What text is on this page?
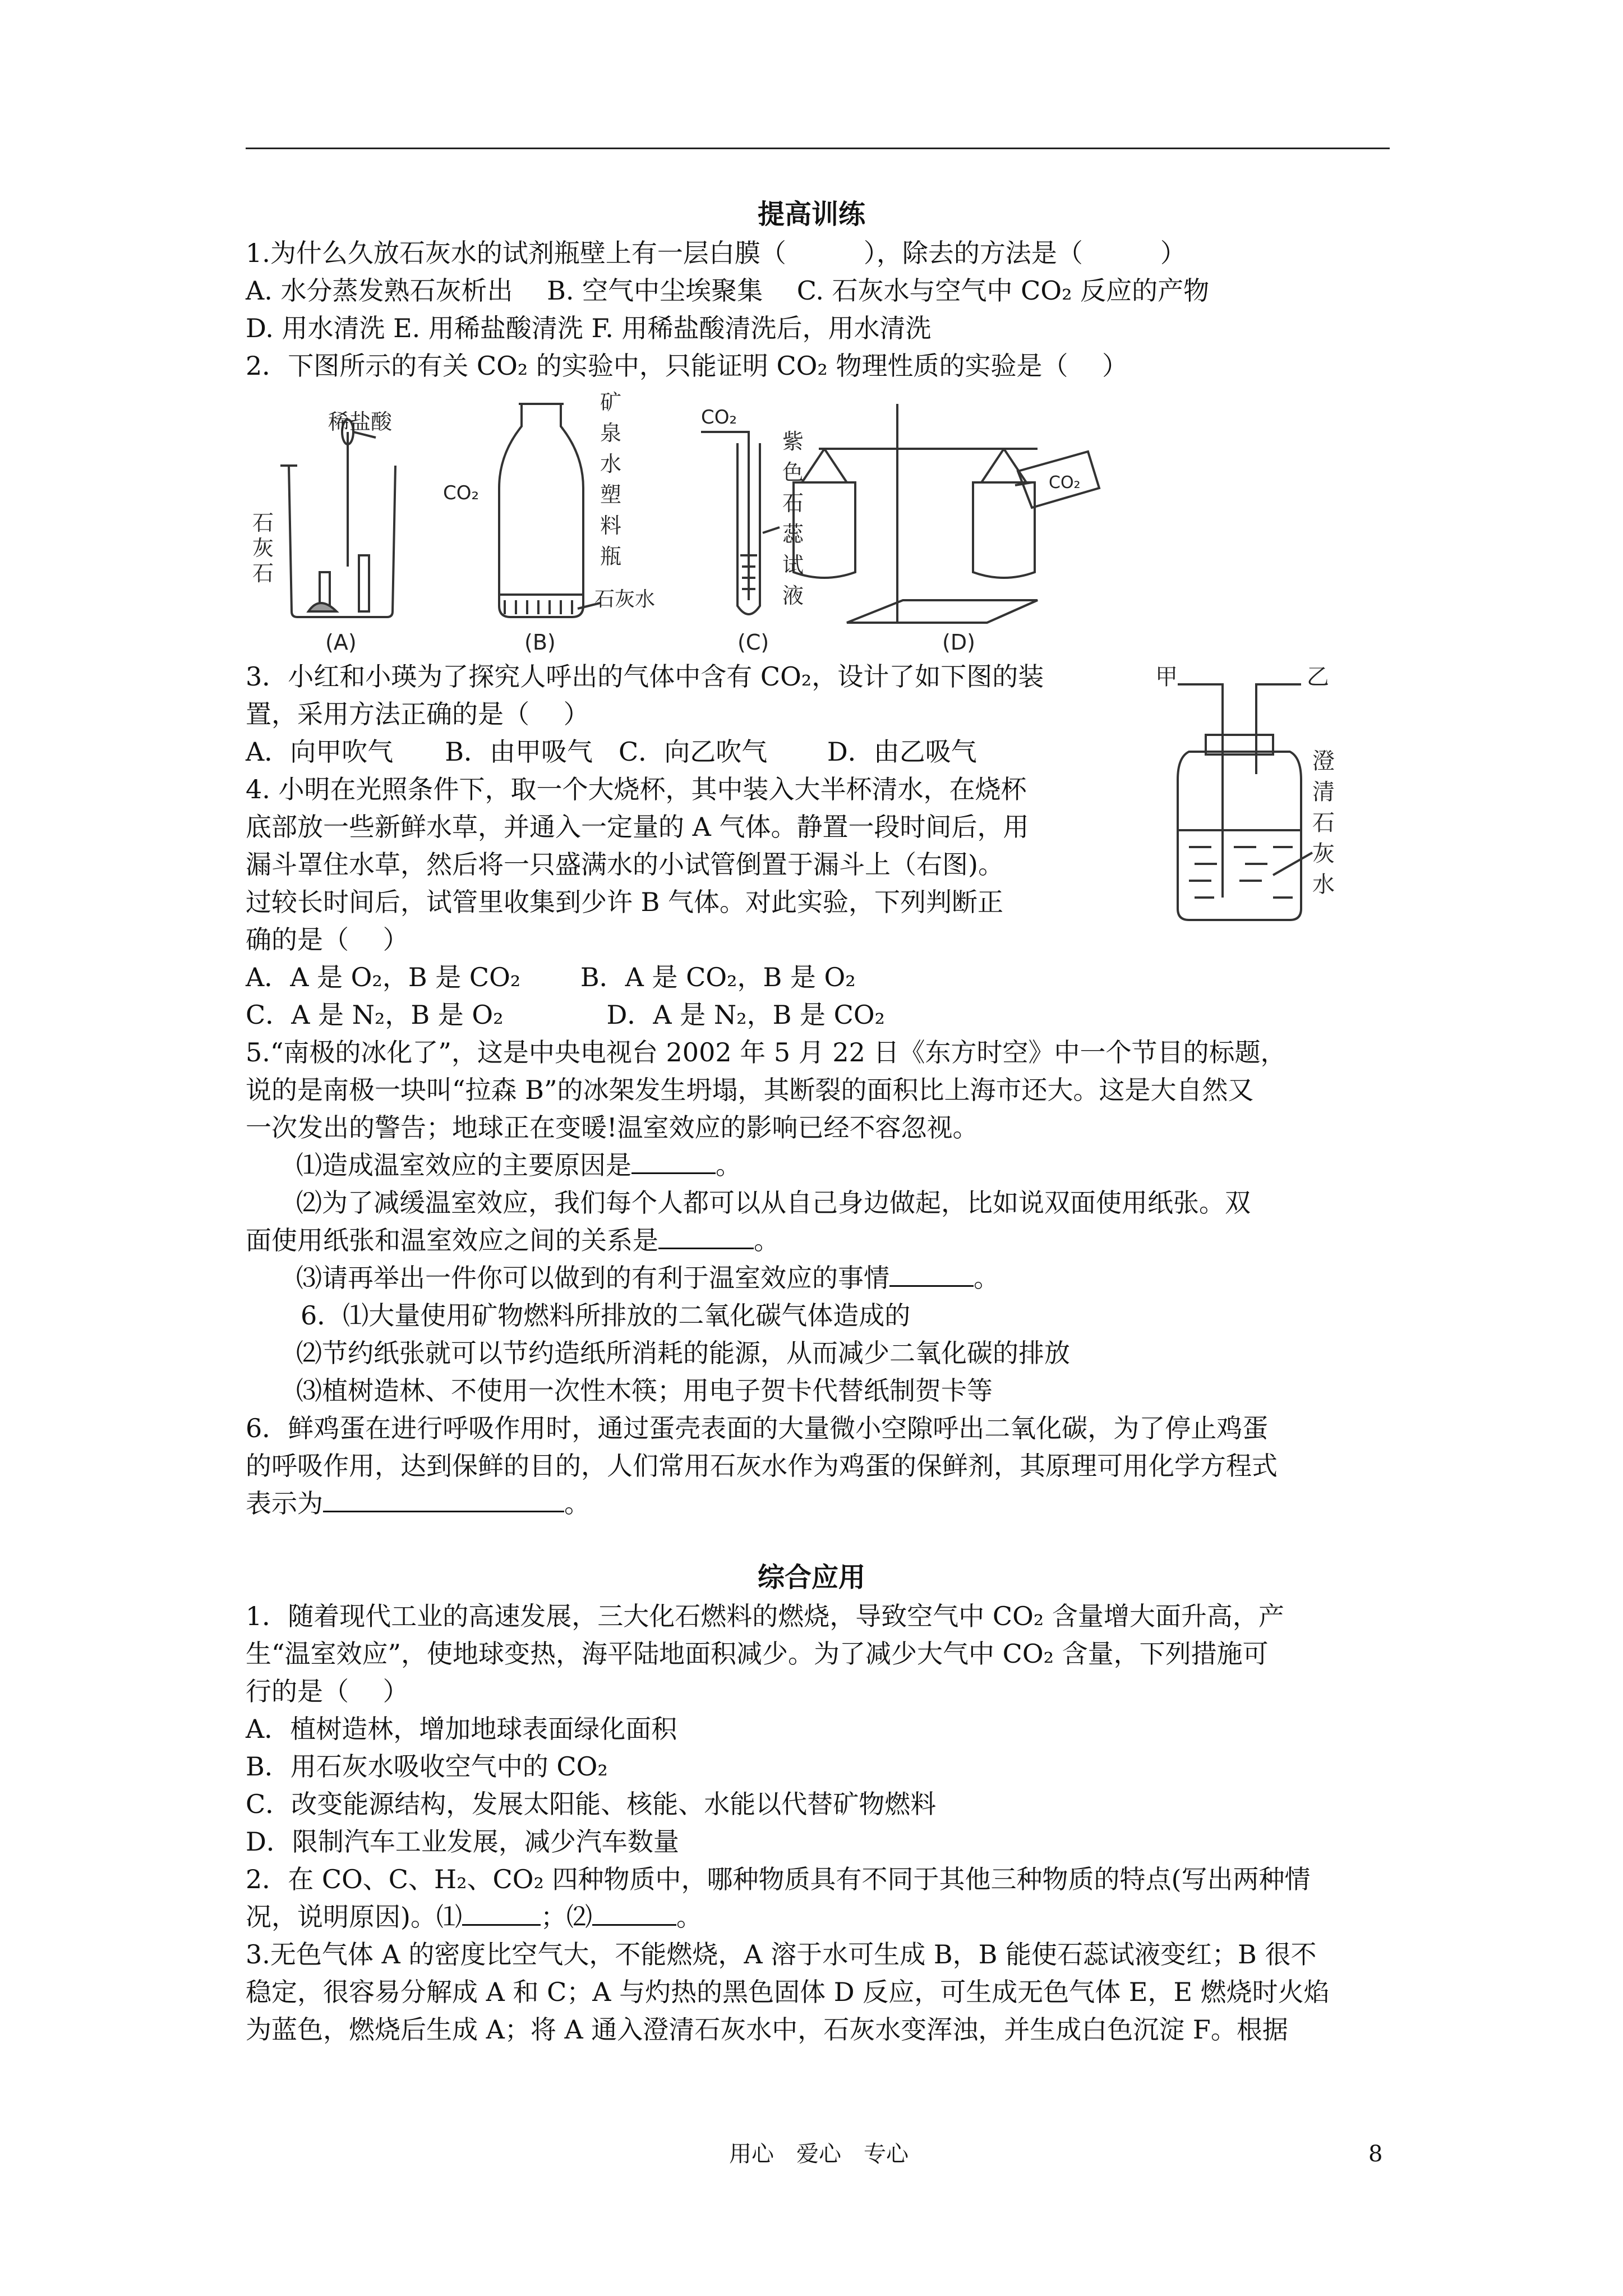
提高训练
1.为什么久放石灰水的试剂瓶壁上有一层白膜（　　　），除去的方法是（　　　）
A. 水分蒸发熟石灰析出　 B. 空气中尘埃聚集　 C. 石灰水与空气中 CO₂ 反应的产物
D. 用水清洗 E. 用稀盐酸清洗 F. 用稀盐酸清洗后，用水清洗
2．下图所示的有关 CO₂ 的实验中，只能证明 CO₂ 物理性质的实验是（　 ）
稀盐酸
石
灰
石
CO₂
矿
泉
水
塑
料
瓶
石灰水
CO₂
紫
色
石
蕊
试
液
CO₂
(A)	(B)	(C)	(D)
3．小红和小瑛为了探究人呼出的气体中含有 CO₂，设计了如下图的装
置，采用方法正确的是（　 ）
A．向甲吹气　　B．由甲吸气　C．向乙吹气　　 D．由乙吸气
甲	乙
澄
清
石
灰
水
4. 小明在光照条件下，取一个大烧杯，其中装入大半杯清水，在烧杯
底部放一些新鲜水草，并通入一定量的 A 气体。静置一段时间后，用
漏斗罩住水草，然后将一只盛满水的小试管倒置于漏斗上（右图)。
过较长时间后，试管里收集到少许 B 气体。对此实验，下列判断正
确的是（　 ）
A．A 是 O₂，B 是 CO₂　　 B．A 是 CO₂，B 是 O₂
C．A 是 N₂，B 是 O₂　　　　D．A 是 N₂，B 是 CO₂
5.“南极的冰化了”，这是中央电视台 2002 年 5 月 22 日《东方时空》中一个节目的标题，
说的是南极一块叫“拉森 B”的冰架发生坍塌，其断裂的面积比上海市还大。这是大自然又
一次发出的警告；地球正在变暖!温室效应的影响已经不容忽视。
⑴造成温室效应的主要原因是	。
⑵为了减缓温室效应，我们每个人都可以从自己身边做起，比如说双面使用纸张。双
面使用纸张和温室效应之间的关系是	。
⑶请再举出一件你可以做到的有利于温室效应的事情	。
6．⑴大量使用矿物燃料所排放的二氧化碳气体造成的
⑵节约纸张就可以节约造纸所消耗的能源，从而减少二氧化碳的排放
⑶植树造林、不使用一次性木筷；用电子贺卡代替纸制贺卡等
6．鲜鸡蛋在进行呼吸作用时，通过蛋壳表面的大量微小空隙呼出二氧化碳，为了停止鸡蛋
的呼吸作用，达到保鲜的目的，人们常用石灰水作为鸡蛋的保鲜剂，其原理可用化学方程式
表示为	。
综合应用
1．随着现代工业的高速发展，三大化石燃料的燃烧，导致空气中 CO₂ 含量增大面升高，产
生“温室效应”，使地球变热，海平陆地面积减少。为了减少大气中 CO₂ 含量，下列措施可
行的是（　 ）
A．植树造林，增加地球表面绿化面积
B．用石灰水吸收空气中的 CO₂
C．改变能源结构，发展太阳能、核能、水能以代替矿物燃料
D．限制汽车工业发展，减少汽车数量
2．在 CO、C、H₂、CO₂ 四种物质中，哪种物质具有不同于其他三种物质的特点(写出两种情
况，说明原因)。⑴	；⑵	。
3.无色气体 A 的密度比空气大，不能燃烧，A 溶于水可生成 B，B 能使石蕊试液变红；B 很不
稳定，很容易分解成 A 和 C；A 与灼热的黑色固体 D 反应，可生成无色气体 E，E 燃烧时火焰
为蓝色，燃烧后生成 A；将 A 通入澄清石灰水中，石灰水变浑浊，并生成白色沉淀 F。根据
用心　爱心　专心	8
